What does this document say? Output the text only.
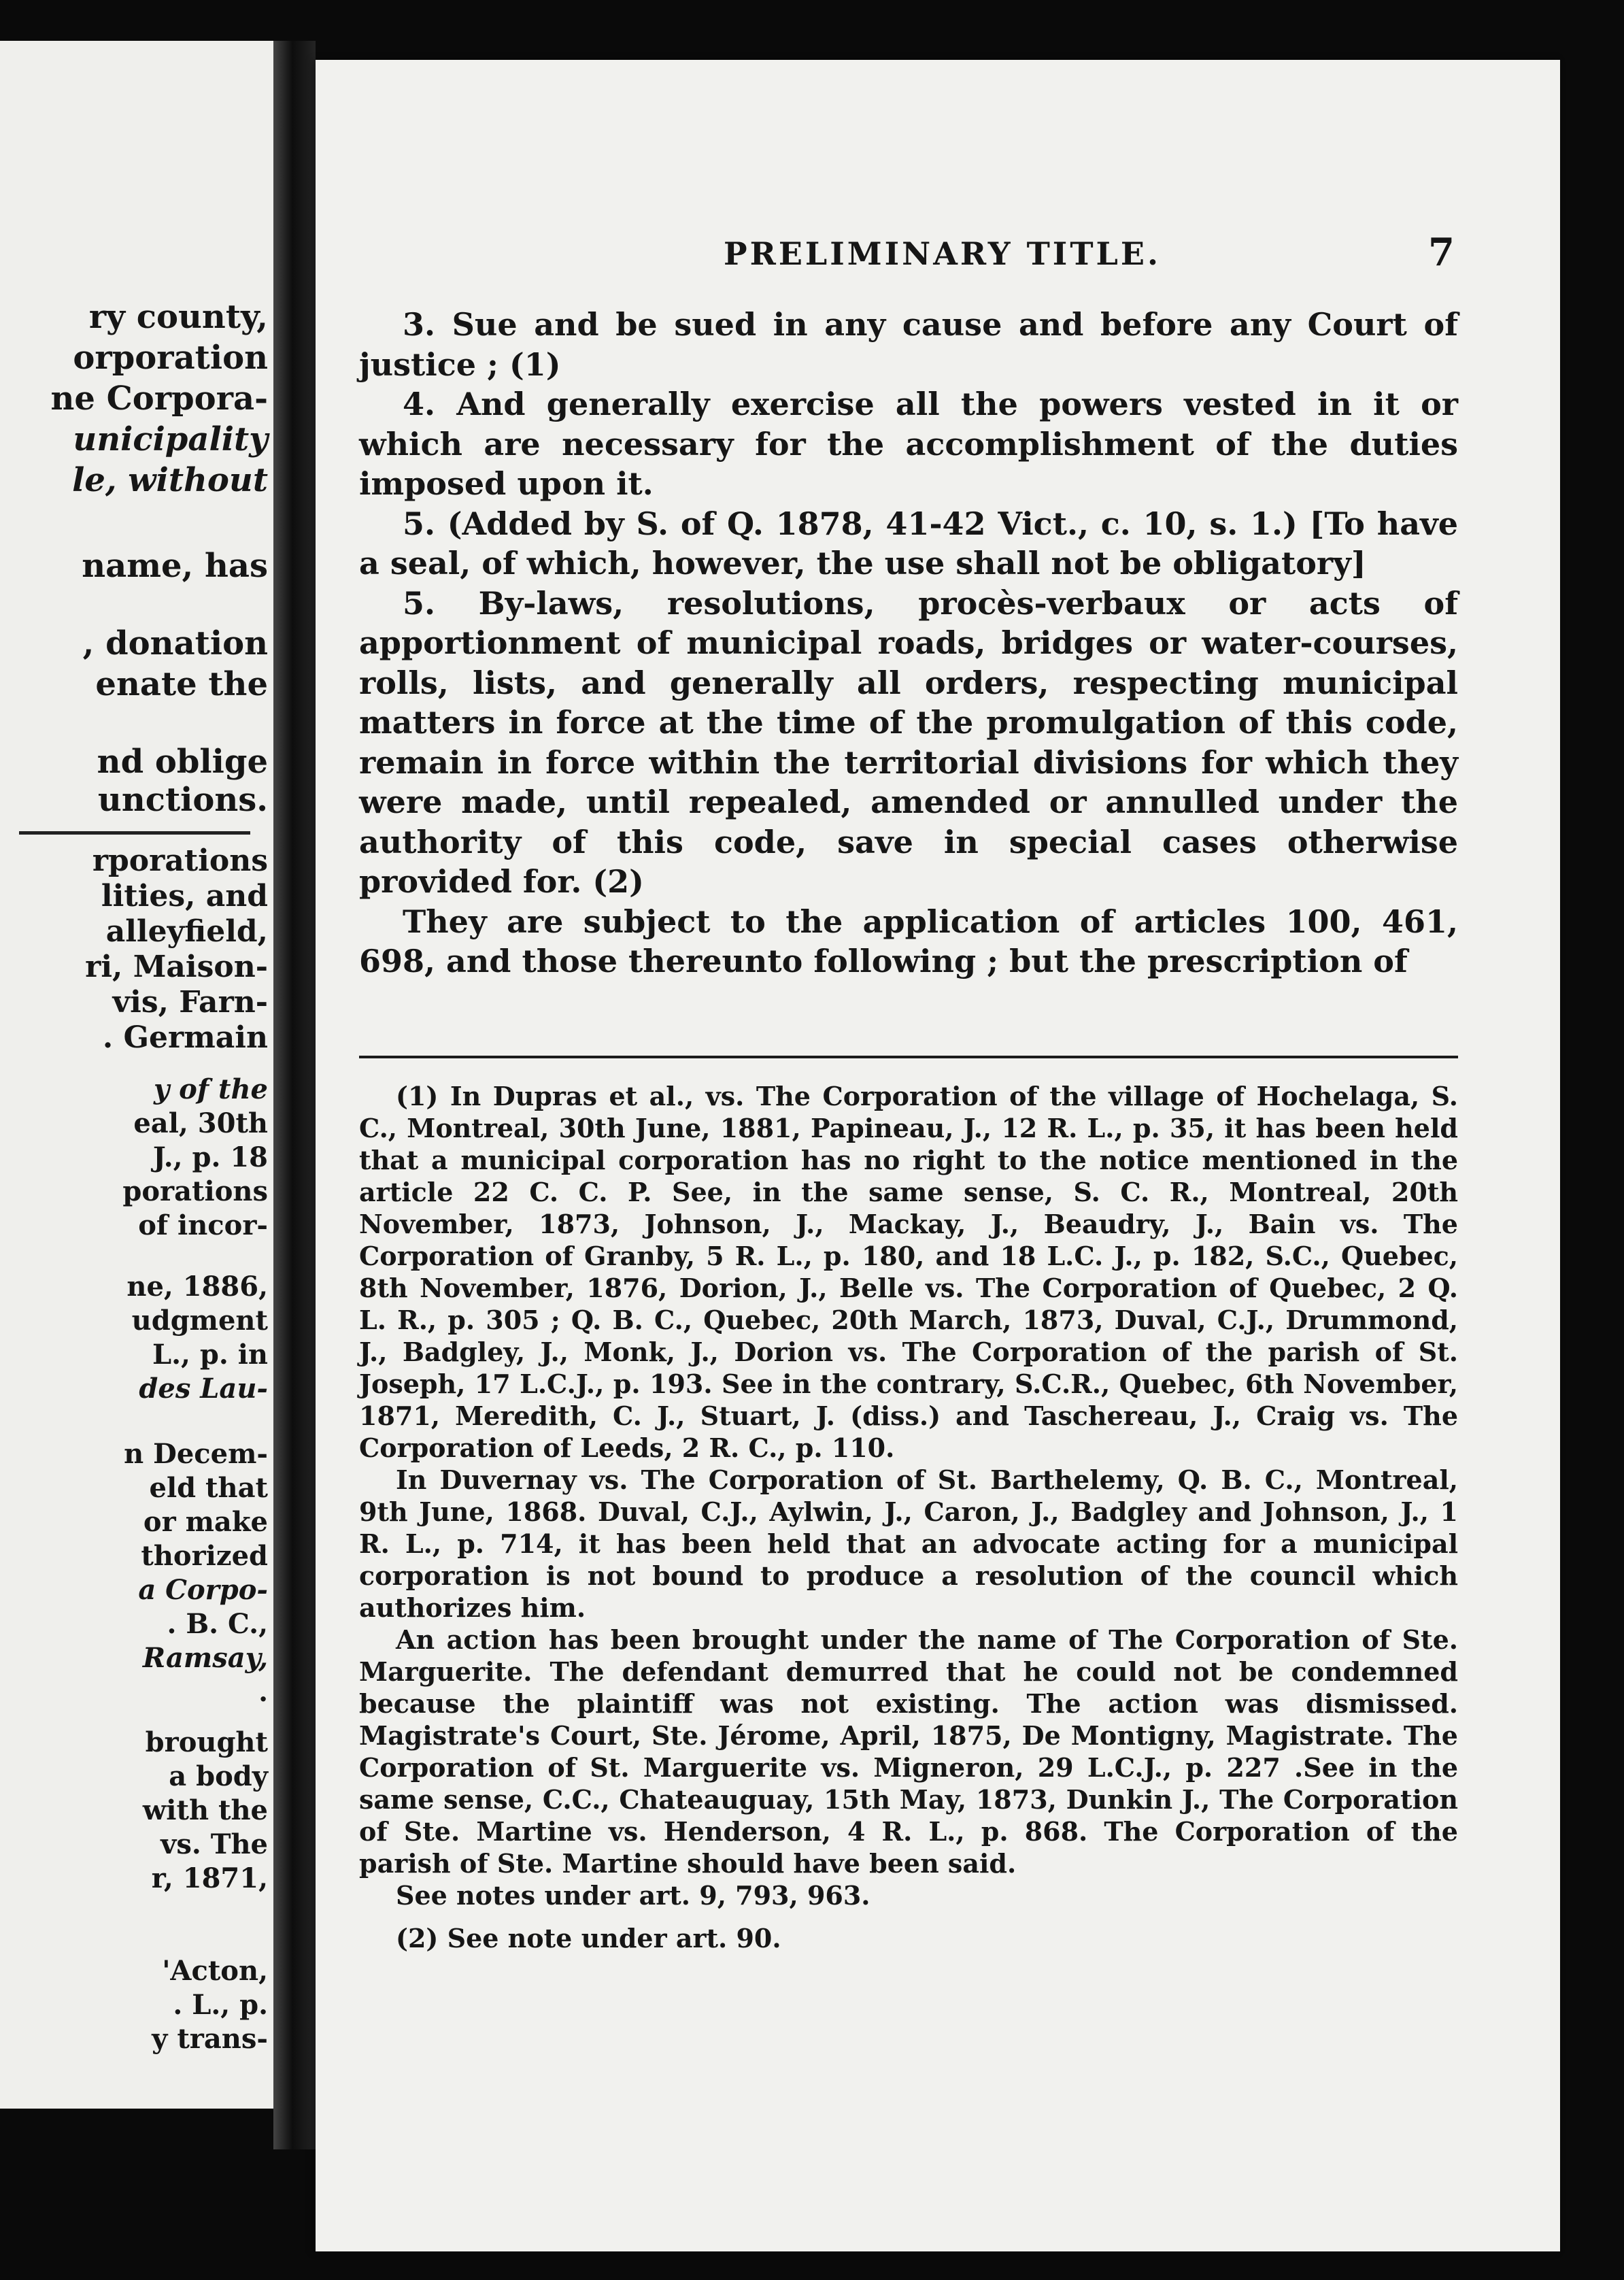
ry county,
orporation
ne Corpora-
unicipality
le, without
name, has
, donation
enate the
nd oblige
unctions.
rporations
lities, and
alleyfield,
ri, Maison-
vis, Farn-
. Germain
y of the
eal, 30th
J., p. 18
porations
of incor-
ne, 1886,
udgment
L., p. in
des Lau-
n Decem-
eld that
or make
thorized
a Corpo-
. B. C.,
Ramsay,
.
brought
a body
with the
vs. The
r, 1871,
'Acton,
. L., p.
y trans-
PRELIMINARY TITLE.	7

3. Sue and be sued in any cause and before any Court of justice ; (1)

4. And generally exercise all the powers vested in it or which are necessary for the accomplishment of the duties imposed upon it.

5. (Added by S. of Q. 1878, 41-42 Vict., c. 10, s. 1.) [To have a seal, of which, however, the use shall not be obligatory]

5. By-laws, resolutions, procès-verbaux or acts of apportionment of municipal roads, bridges or water-courses, rolls, lists, and generally all orders, respecting municipal matters in force at the time of the promulgation of this code, remain in force within the territorial divisions for which they were made, until repealed, amended or annulled under the authority of this code, save in special cases otherwise provided for. (2)

They are subject to the application of articles 100, 461, 698, and those thereunto following ; but the prescription of

(1) In Dupras et al., vs. The Corporation of the village of Hochelaga, S. C., Montreal, 30th June, 1881, Papineau, J., 12 R. L., p. 35, it has been held that a municipal corporation has no right to the notice mentioned in the article 22 C. C. P. See, in the same sense, S. C. R., Montreal, 20th November, 1873, Johnson, J., Mackay, J., Beaudry, J., Bain vs. The Corporation of Granby, 5 R. L., p. 180, and 18 L.C. J., p. 182, S.C., Quebec, 8th November, 1876, Dorion, J., Belle vs. The Corporation of Quebec, 2 Q. L. R., p. 305 ; Q. B. C., Quebec, 20th March, 1873, Duval, C.J., Drummond, J., Badgley, J., Monk, J., Dorion vs. The Corporation of the parish of St. Joseph, 17 L.C.J., p. 193. See in the contrary, S.C.R., Quebec, 6th November, 1871, Meredith, C. J., Stuart, J. (diss.) and Taschereau, J., Craig vs. The Corporation of Leeds, 2 R. C., p. 110.

In Duvernay vs. The Corporation of St. Barthelemy, Q. B. C., Montreal, 9th June, 1868. Duval, C.J., Aylwin, J., Caron, J., Badgley and Johnson, J., 1 R. L., p. 714, it has been held that an advocate acting for a municipal corporation is not bound to produce a resolution of the council which authorizes him.

An action has been brought under the name of The Corporation of Ste. Marguerite. The defendant demurred that he could not be condemned because the plaintiff was not existing. The action was dismissed. Magistrate's Court, Ste. Jérome, April, 1875, De Montigny, Magistrate. The Corporation of St. Marguerite vs. Migneron, 29 L.C.J., p. 227 .See in the same sense, C.C., Chateauguay, 15th May, 1873, Dunkin J., The Corporation of Ste. Martine vs. Henderson, 4 R. L., p. 868. The Corporation of the parish of Ste. Martine should have been said.

See notes under art. 9, 793, 963.

(2) See note under art. 90.
